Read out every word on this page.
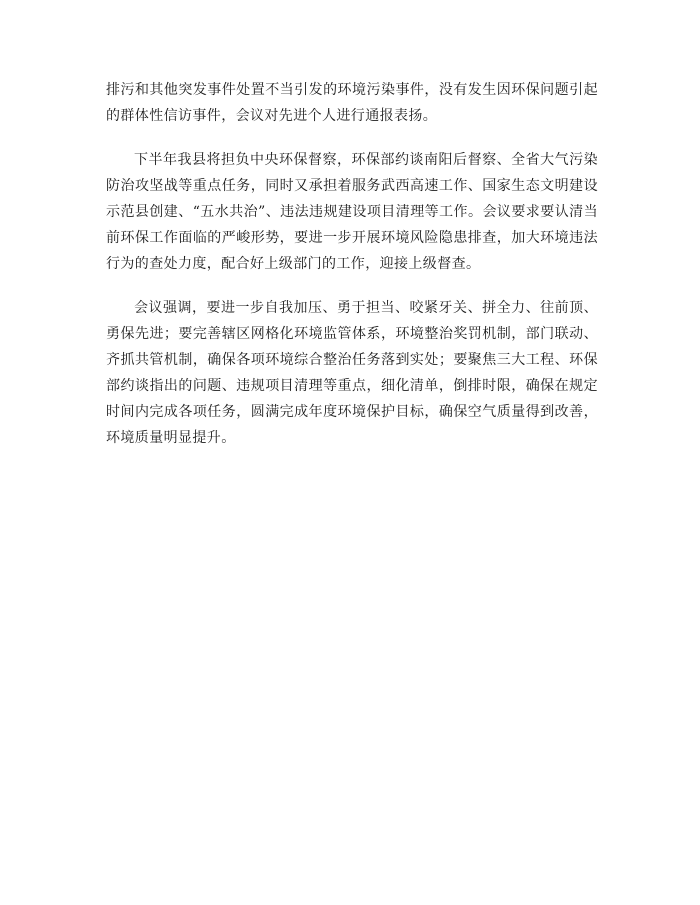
排污和其他突发事件处置不当引发的环境污染事件，没有发生因环保问题引起的群体性信访事件，会议对先进个人进行通报表扬。

下半年我县将担负中央环保督察，环保部约谈南阳后督察、全省大气污染防治攻坚战等重点任务，同时又承担着服务武西高速工作、国家生态文明建设示范县创建、“五水共治”、违法违规建设项目清理等工作。会议要求要认清当前环保工作面临的严峻形势，要进一步开展环境风险隐患排查，加大环境违法行为的查处力度，配合好上级部门的工作，迎接上级督查。

会议强调，要进一步自我加压、勇于担当、咬紧牙关、拼全力、往前顶、勇保先进；要完善辖区网格化环境监管体系，环境整治奖罚机制，部门联动、齐抓共管机制，确保各项环境综合整治任务落到实处；要聚焦三大工程、环保部约谈指出的问题、违规项目清理等重点，细化清单，倒排时限，确保在规定时间内完成各项任务，圆满完成年度环境保护目标，确保空气质量得到改善，环境质量明显提升。
